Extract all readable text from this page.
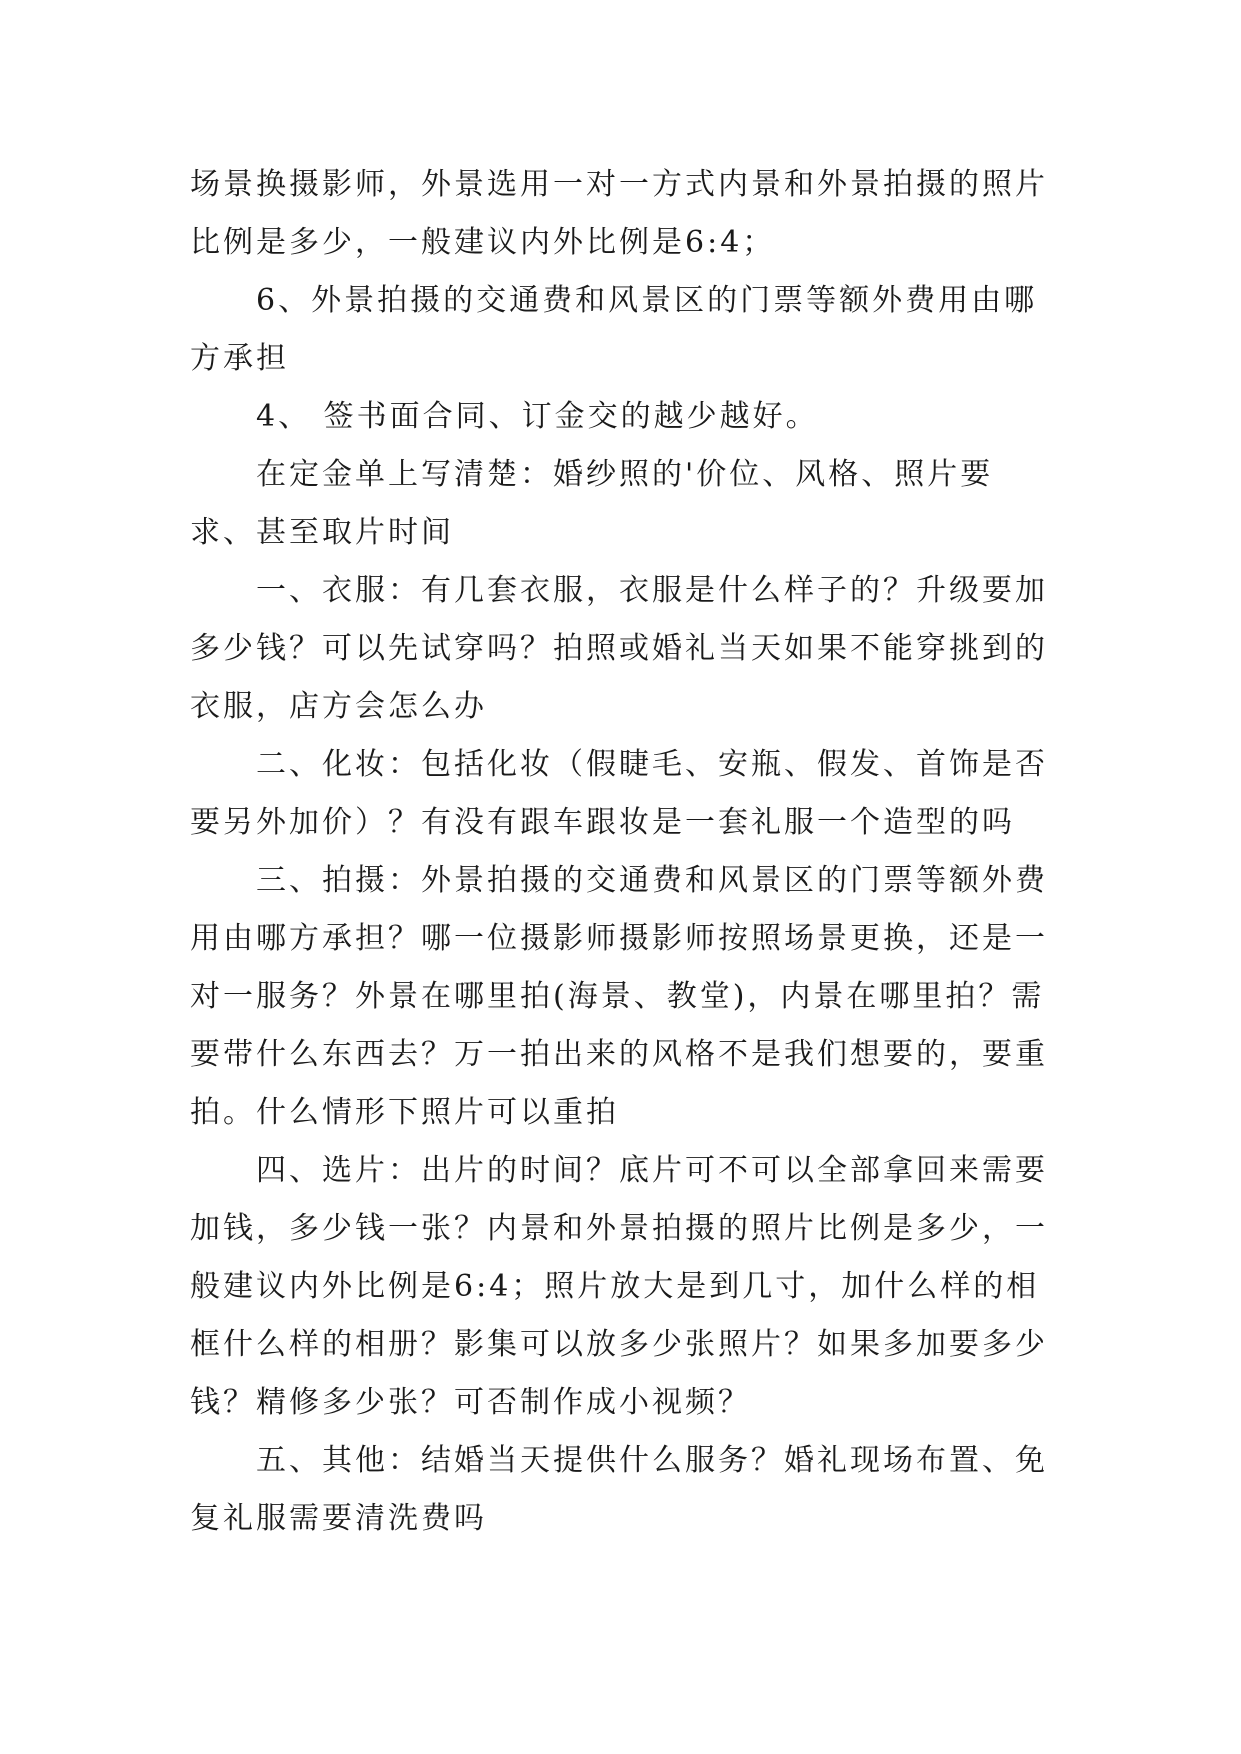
场景换摄影师，外景选用一对一方式内景和外景拍摄的照片比例是多少，一般建议内外比例是6:4；

6、外景拍摄的交通费和风景区的门票等额外费用由哪方承担

4、 签书面合同、订金交的越少越好。

在定金单上写清楚：婚纱照的'价位、风格、照片要求、甚至取片时间

一、衣服：有几套衣服，衣服是什么样子的？升级要加多少钱？可以先试穿吗？拍照或婚礼当天如果不能穿挑到的衣服，店方会怎么办

二、化妆：包括化妆（假睫毛、安瓶、假发、首饰是否要另外加价）？有没有跟车跟妆是一套礼服一个造型的吗

三、拍摄：外景拍摄的交通费和风景区的门票等额外费用由哪方承担？哪一位摄影师摄影师按照场景更换，还是一对一服务？外景在哪里拍(海景、教堂)，内景在哪里拍？需要带什么东西去？万一拍出来的风格不是我们想要的，要重拍。什么情形下照片可以重拍

四、选片：出片的时间？底片可不可以全部拿回来需要加钱，多少钱一张？内景和外景拍摄的照片比例是多少，一般建议内外比例是6:4；照片放大是到几寸，加什么样的相框什么样的相册？影集可以放多少张照片？如果多加要多少钱？精修多少张？可否制作成小视频？

五、其他：结婚当天提供什么服务？婚礼现场布置、免复礼服需要清洗费吗
